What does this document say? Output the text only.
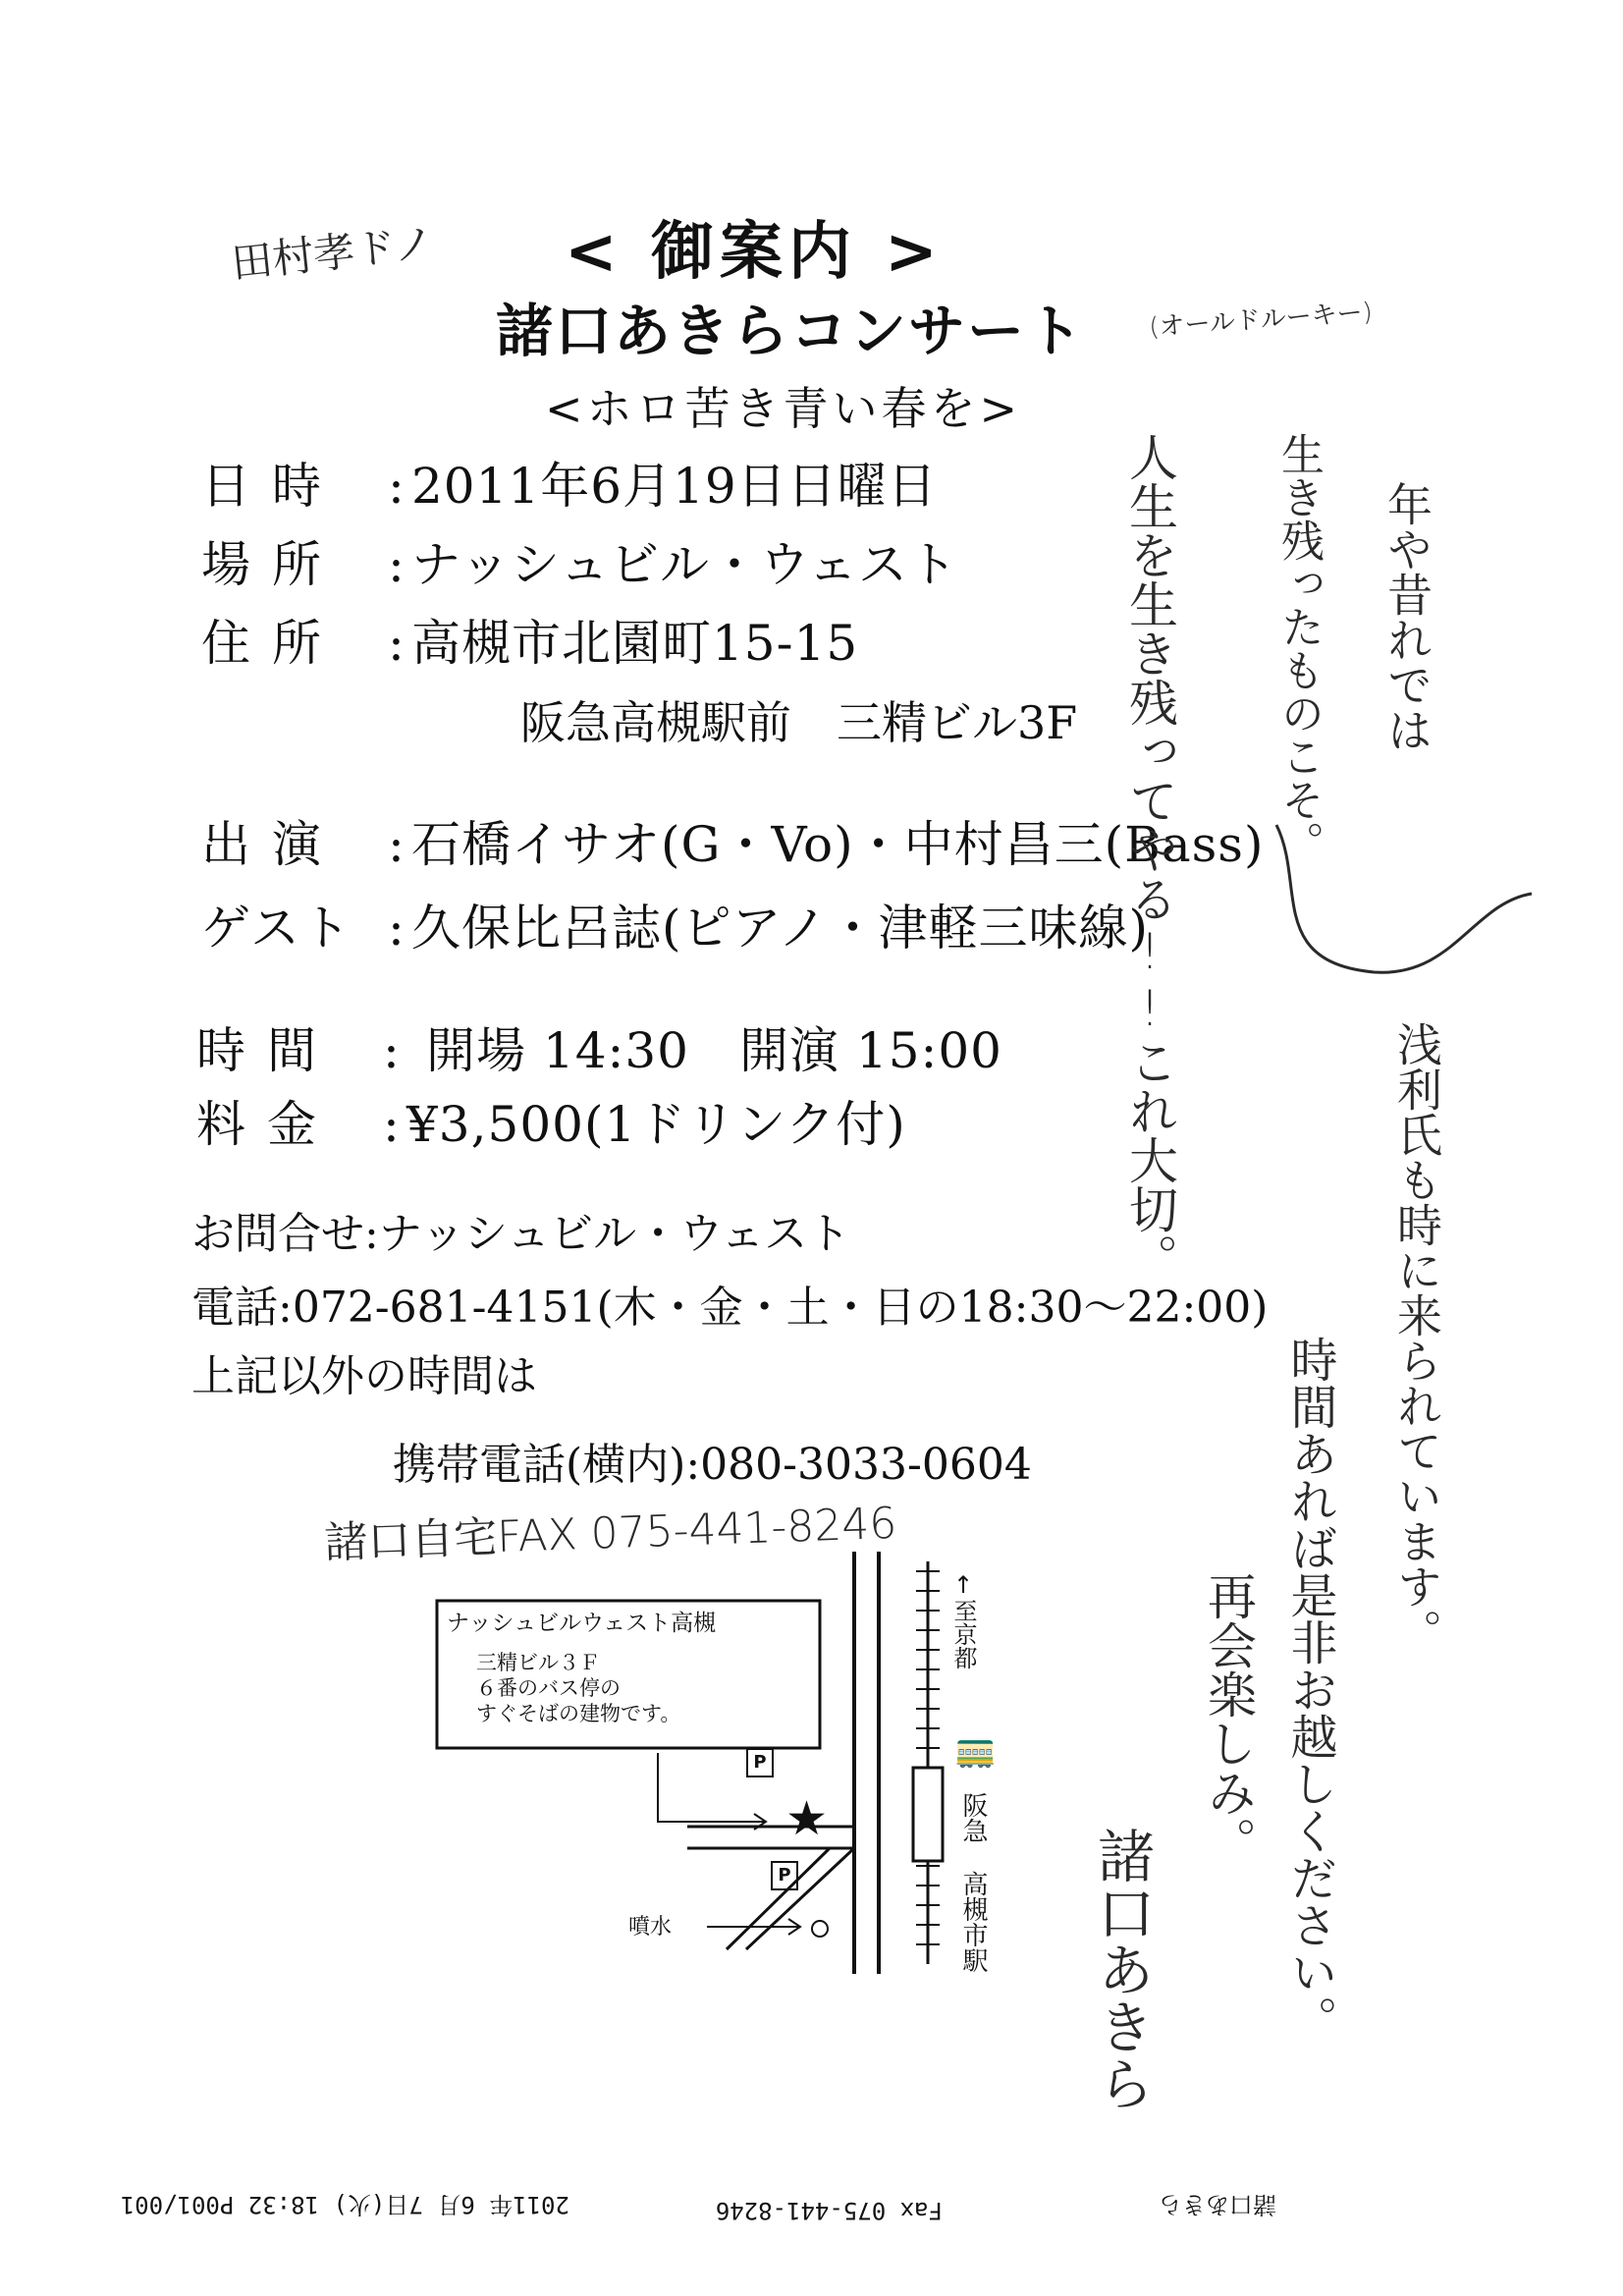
< 御案内 >
諸口あきらコンサート
<ホロ苦き青い春を>
日時 : 2011年6月19日日曜日
場所 : ナッシュビル・ウェスト
住所 : 高槻市北園町15-15
阪急高槻駅前　三精ビル3F
出演 : 石橋イサオ(G・Vo)・中村昌三(Bass)
ゲスト : 久保比呂誌(ピアノ・津軽三味線)
時間 : 開場 14:30　開演 15:00
料金 : ¥3,500(1ドリンク付)
お問合せ:ナッシュビル・ウェスト
電話:072-681-4151(木・金・土・日の18:30～22:00)
上記以外の時間は
携帯電話(横内):080-3033-0604
ナッシュビルウェスト高槻
三精ビル３Ｆ
６番のバス停の
すぐそばの建物です。
P
P
★
噴水
↑至京都
🚃
阪急
高槻市駅
田村孝ドノ
(オールドルーキー)
諸口自宅FAX 075-441-8246
人生を生き残ってやる!!これ大切。 生き残ったものこそ。 年や昔れでは
浅利氏も時に来られています。
時間あれば是非お越しください。
再会楽しみ。
諸口あきら
諸口あきら
Fax 075-441-8246
2011年 6月 7日(火) 18:32 P001/001
